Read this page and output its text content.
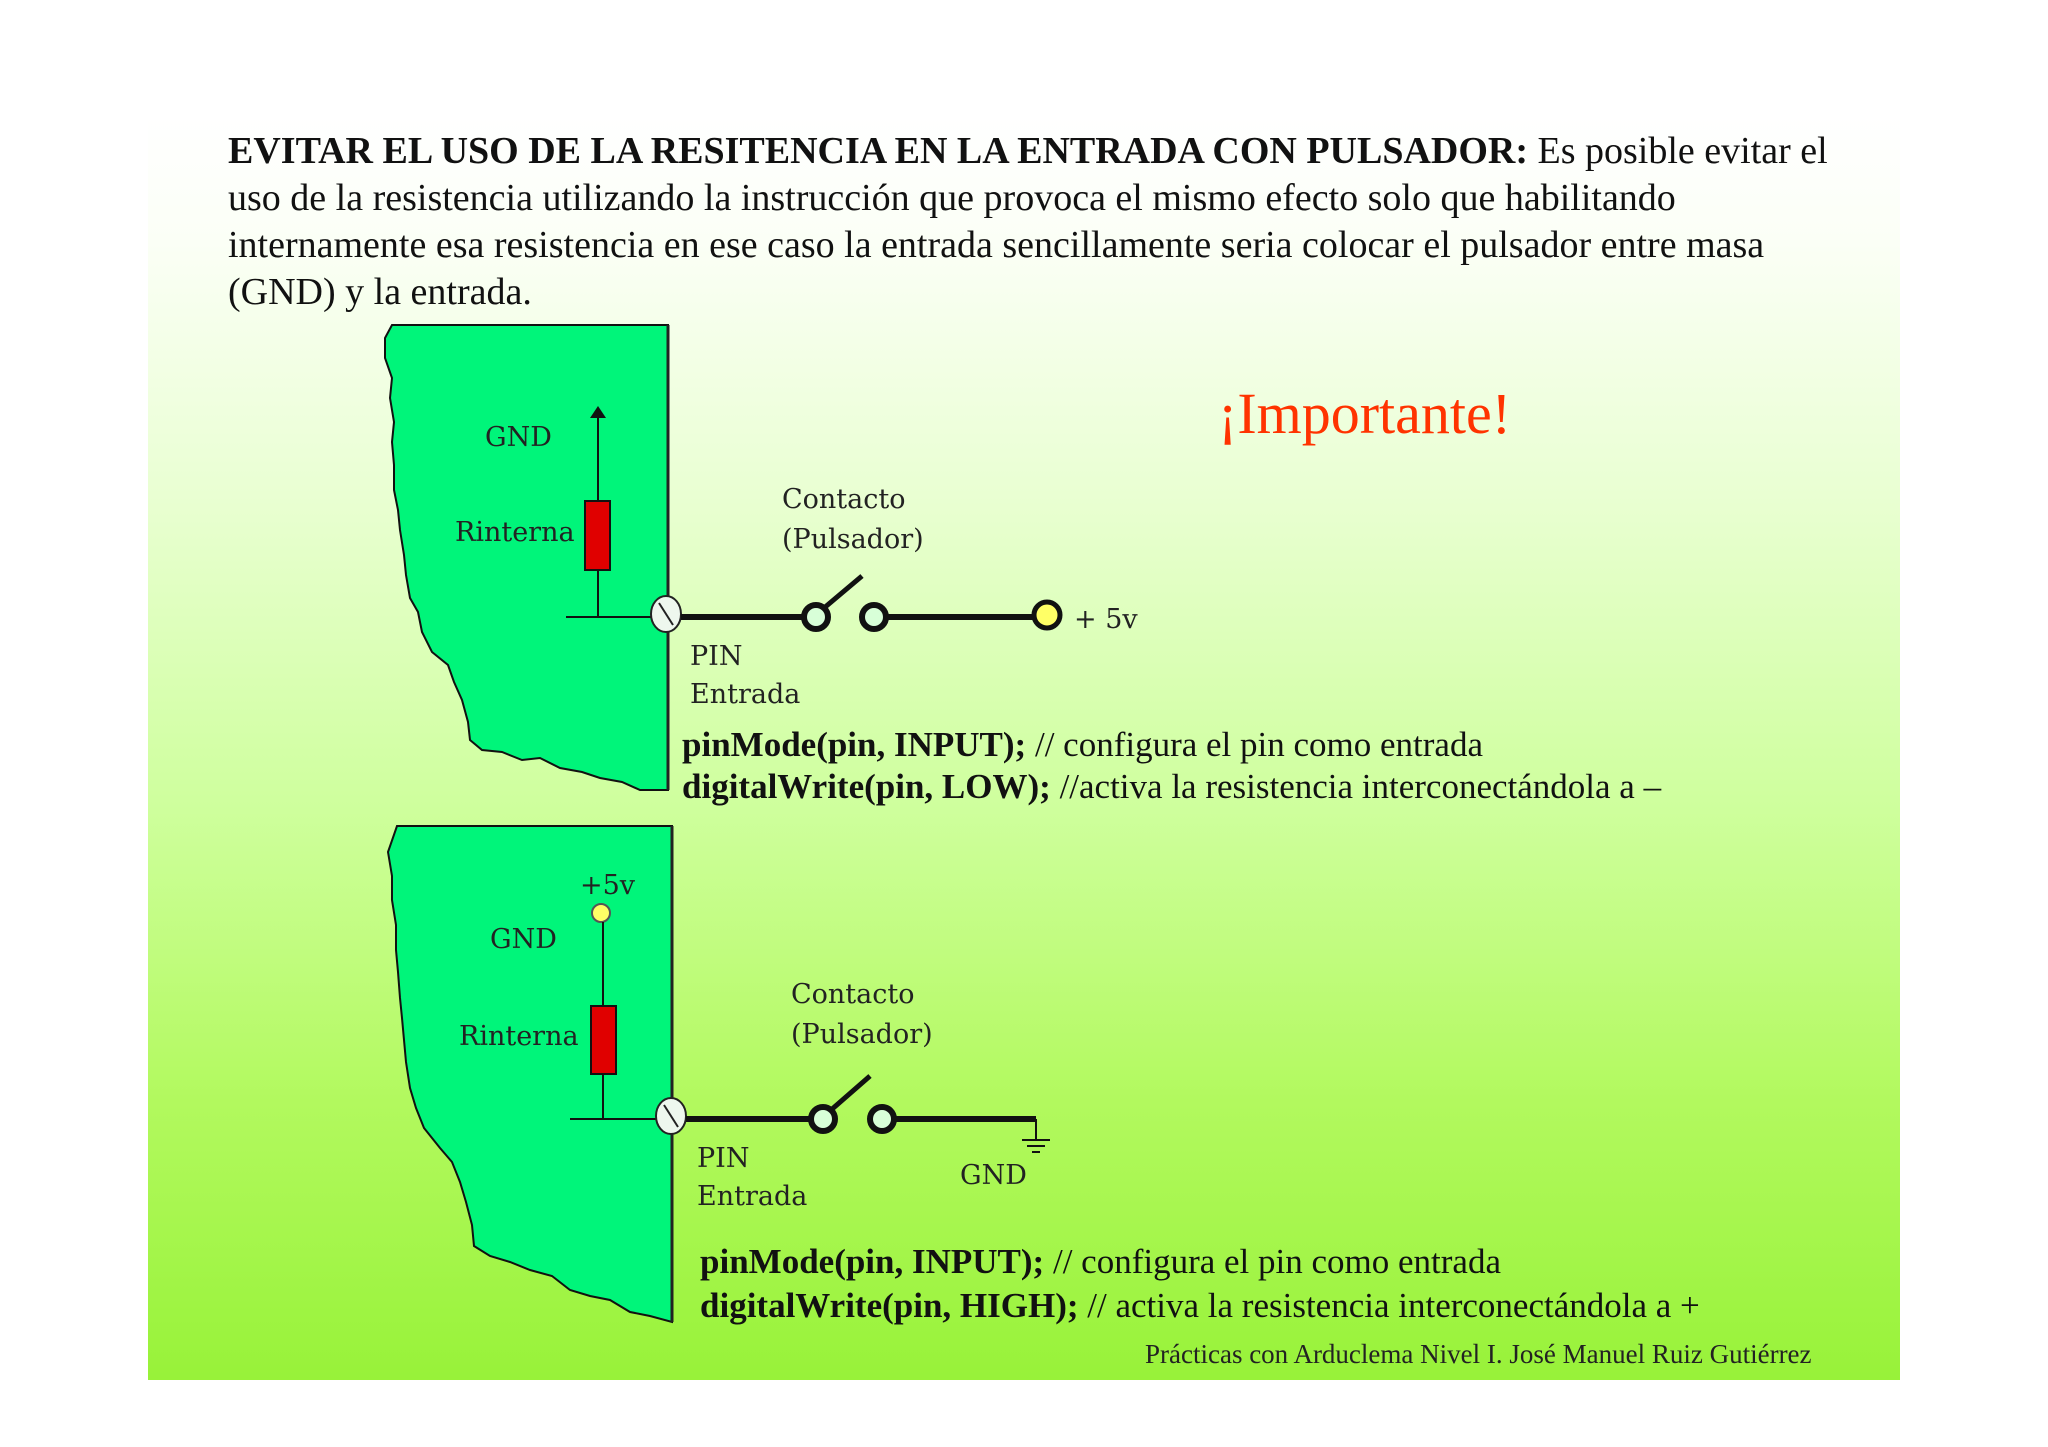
EVITAR EL USO DE LA RESITENCIA EN LA ENTRADA CON PULSADOR: Es posible evitar el uso de la resistencia utilizando la instrucción que provoca el mismo efecto solo que habilitando internamente esa resistencia en ese caso la entrada sencillamente seria colocar el pulsador entre masa (GND) y la entrada.

¡Importante!
GND
Rinterna
Contacto
(Pulsador)
+ 5v
PIN
Entrada
pinMode(pin, INPUT); // configura el pin como entrada
digitalWrite(pin, LOW); //activa la resistencia interconectándola a –
+5v
GND
Rinterna
Contacto
(Pulsador)
PIN
Entrada
GND
pinMode(pin, INPUT); // configura el pin como entrada
digitalWrite(pin, HIGH); // activa la resistencia interconectándola a +
Prácticas con Arduclema Nivel I. José Manuel Ruiz Gutiérrez
